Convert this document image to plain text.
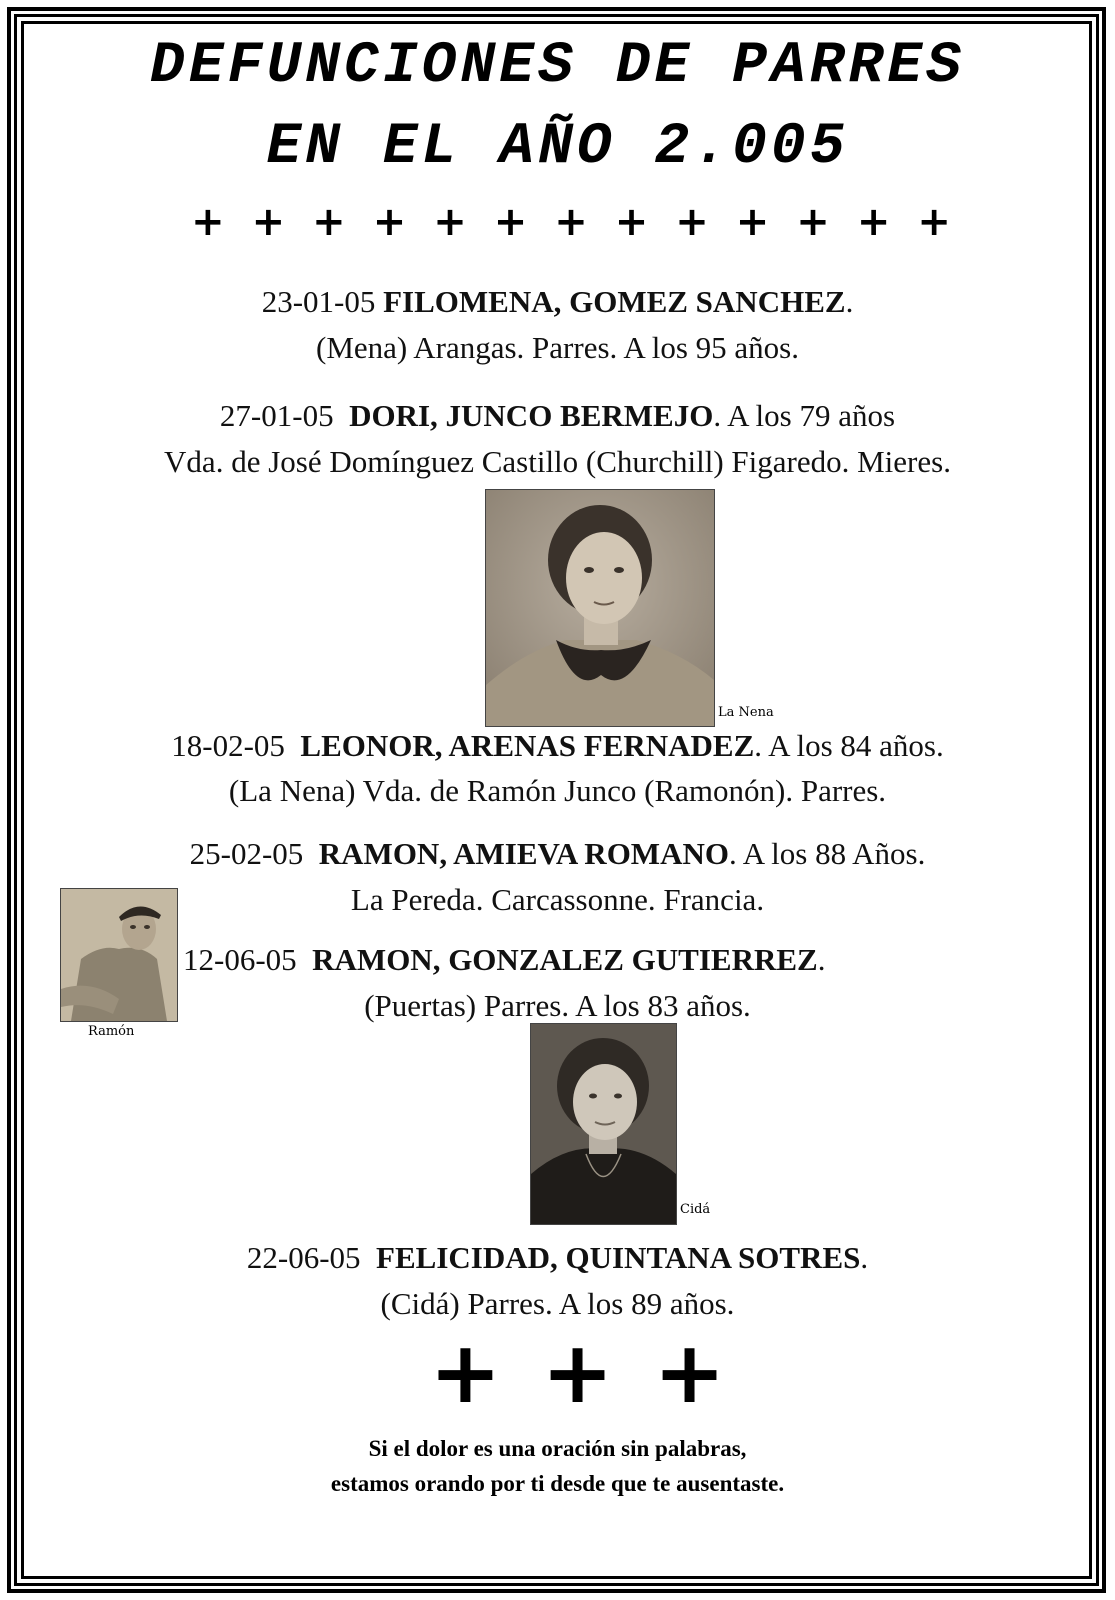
DEFUNCIONES DE PARRES
EN EL AÑO 2.005
+++++++++++++
23-01-05 FILOMENA, GOMEZ SANCHEZ.
(Mena) Arangas. Parres. A los 95 años.
27-01-05 DORI, JUNCO BERMEJO. A los 79 años
Vda. de José Domínguez Castillo (Churchill) Figaredo. Mieres.
La Nena
18-02-05 LEONOR, ARENAS FERNADEZ. A los 84 años.
(La Nena) Vda. de Ramón Junco (Ramonón). Parres.
25-02-05 RAMON, AMIEVA ROMANO. A los 88 Años.
La Pereda. Carcassonne. Francia.
Ramón
12-06-05 RAMON, GONZALEZ GUTIERREZ.
(Puertas) Parres. A los 83 años.
Cidá
22-06-05 FELICIDAD, QUINTANA SOTRES.
(Cidá) Parres. A los 89 años.
+++
Si el dolor es una oración sin palabras,
estamos orando por ti desde que te ausentaste.
